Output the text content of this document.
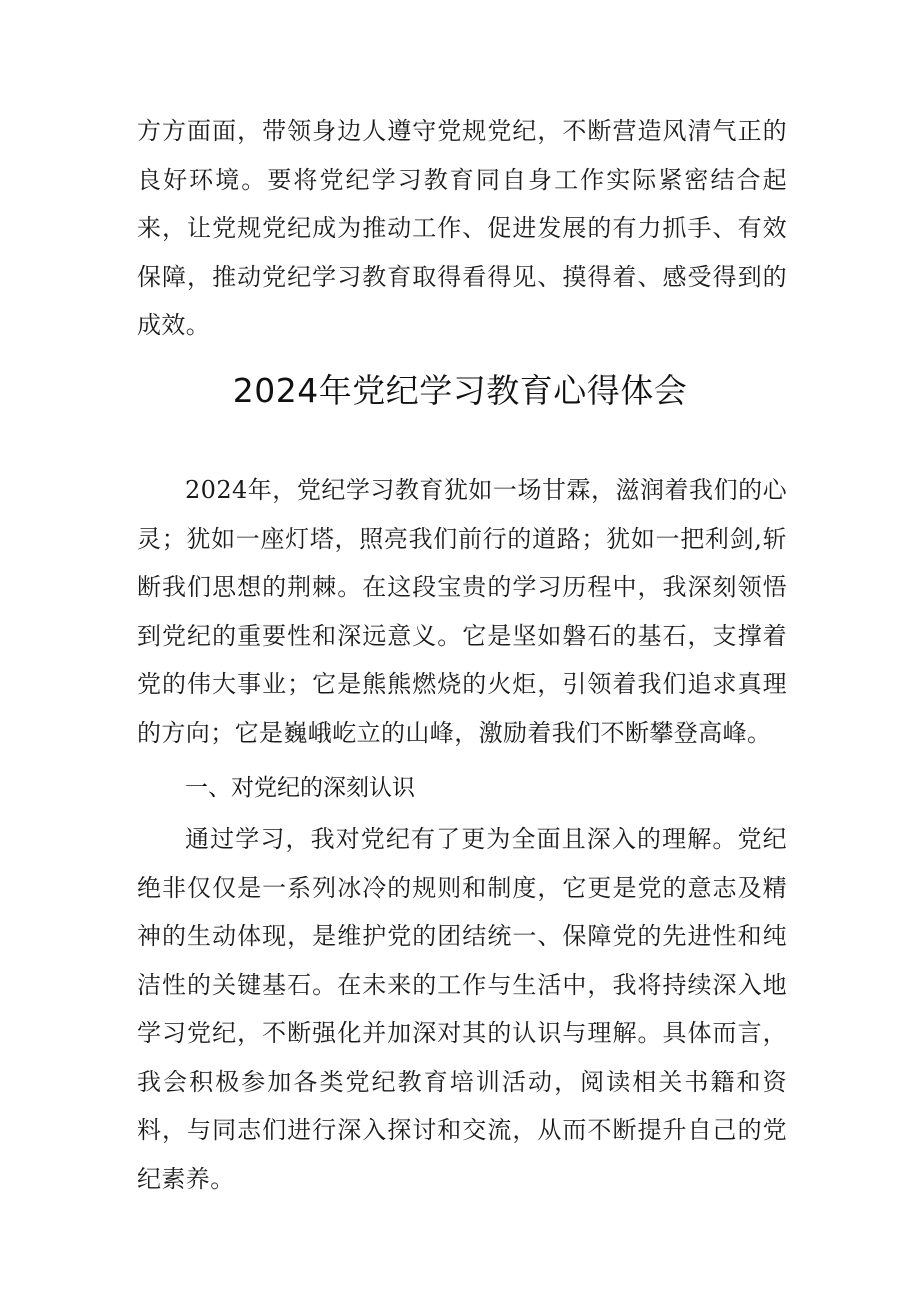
方方面面，带领身边人遵守党规党纪，不断营造风清气正的良好环境。要将党纪学习教育同自身工作实际紧密结合起来，让党规党纪成为推动工作、促进发展的有力抓手、有效保障，推动党纪学习教育取得看得见、摸得着、感受得到的成效。

2024年党纪学习教育心得体会

2024年，党纪学习教育犹如一场甘霖，滋润着我们的心灵；犹如一座灯塔，照亮我们前行的道路；犹如一把利剑,斩断我们思想的荆棘。在这段宝贵的学习历程中，我深刻领悟到党纪的重要性和深远意义。它是坚如磐石的基石，支撑着党的伟大事业；它是熊熊燃烧的火炬，引领着我们追求真理的方向；它是巍峨屹立的山峰，激励着我们不断攀登高峰。

一、对党纪的深刻认识

通过学习，我对党纪有了更为全面且深入的理解。党纪绝非仅仅是一系列冰冷的规则和制度，它更是党的意志及精神的生动体现，是维护党的团结统一、保障党的先进性和纯洁性的关键基石。在未来的工作与生活中，我将持续深入地学习党纪，不断强化并加深对其的认识与理解。具体而言，我会积极参加各类党纪教育培训活动，阅读相关书籍和资料，与同志们进行深入探讨和交流，从而不断提升自己的党纪素养。
